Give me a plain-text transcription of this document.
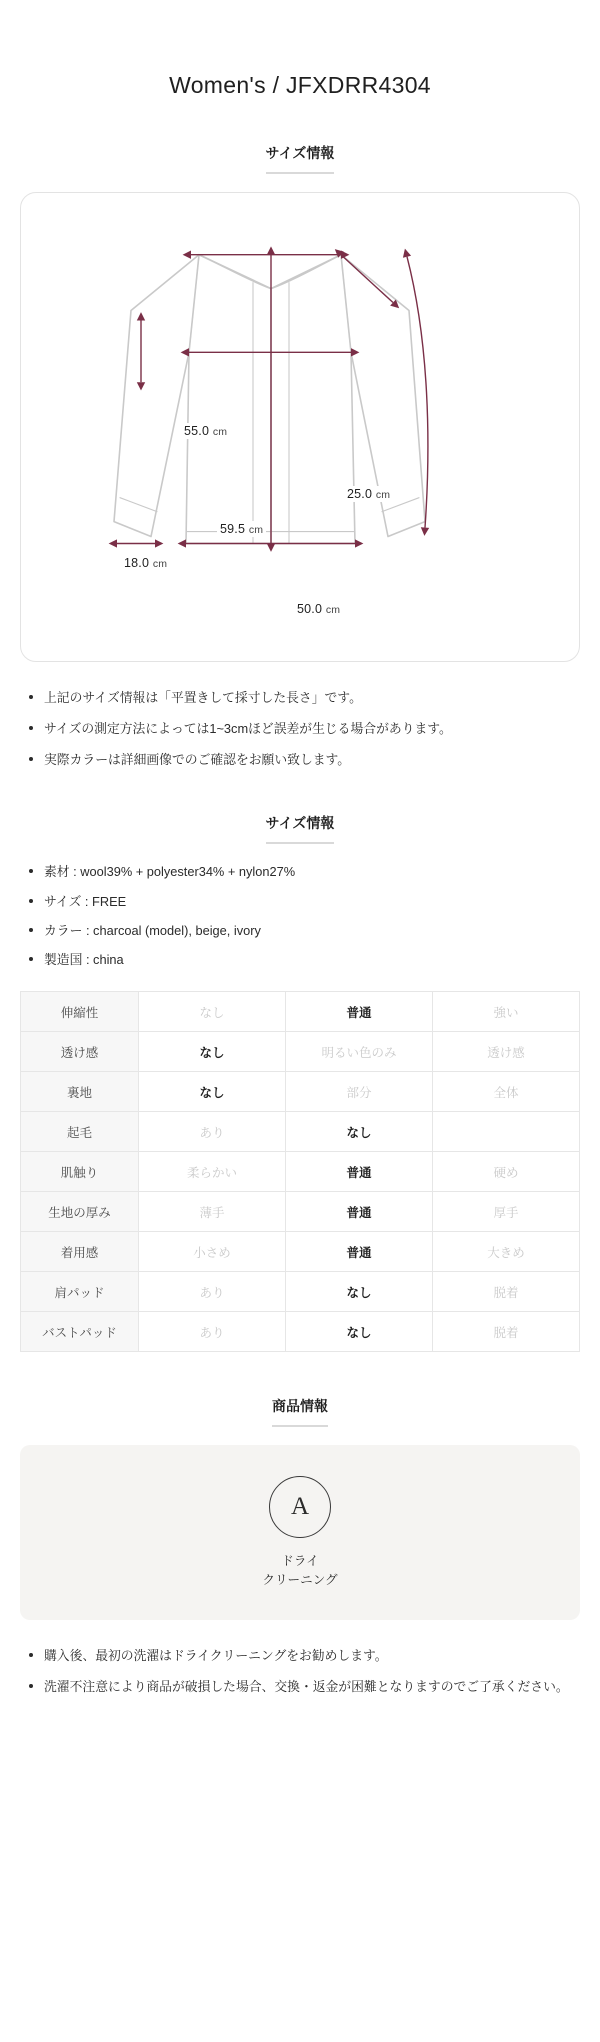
Women's / JFXDRR4304
サイズ情報
55.0 cm
25.0 cm
59.5 cm
18.0 cm
50.0 cm
上記のサイズ情報は「平置きして採寸した長さ」です。
サイズの測定方法によっては1~3cmほど誤差が生じる場合があります。
実際カラーは詳細画像でのご確認をお願い致します。
サイズ情報
素材 : wool39% + polyester34% + nylon27%
サイズ : FREE
カラー : charcoal (model), beige, ivory
製造国 : china
伸縮性	なし	普通	強い
透け感	なし	明るい色のみ	透け感
裏地	なし	部分	全体
起毛	あり	なし	
肌触り	柔らかい	普通	硬め
生地の厚み	薄手	普通	厚手
着用感	小さめ	普通	大きめ
肩パッド	あり	なし	脱着
バストパッド	あり	なし	脱着
商品情報
A
ドライ
クリーニング
購入後、最初の洗濯はドライクリーニングをお勧めします。
洗濯不注意により商品が破損した場合、交換・返金が困難となりますのでご了承ください。
